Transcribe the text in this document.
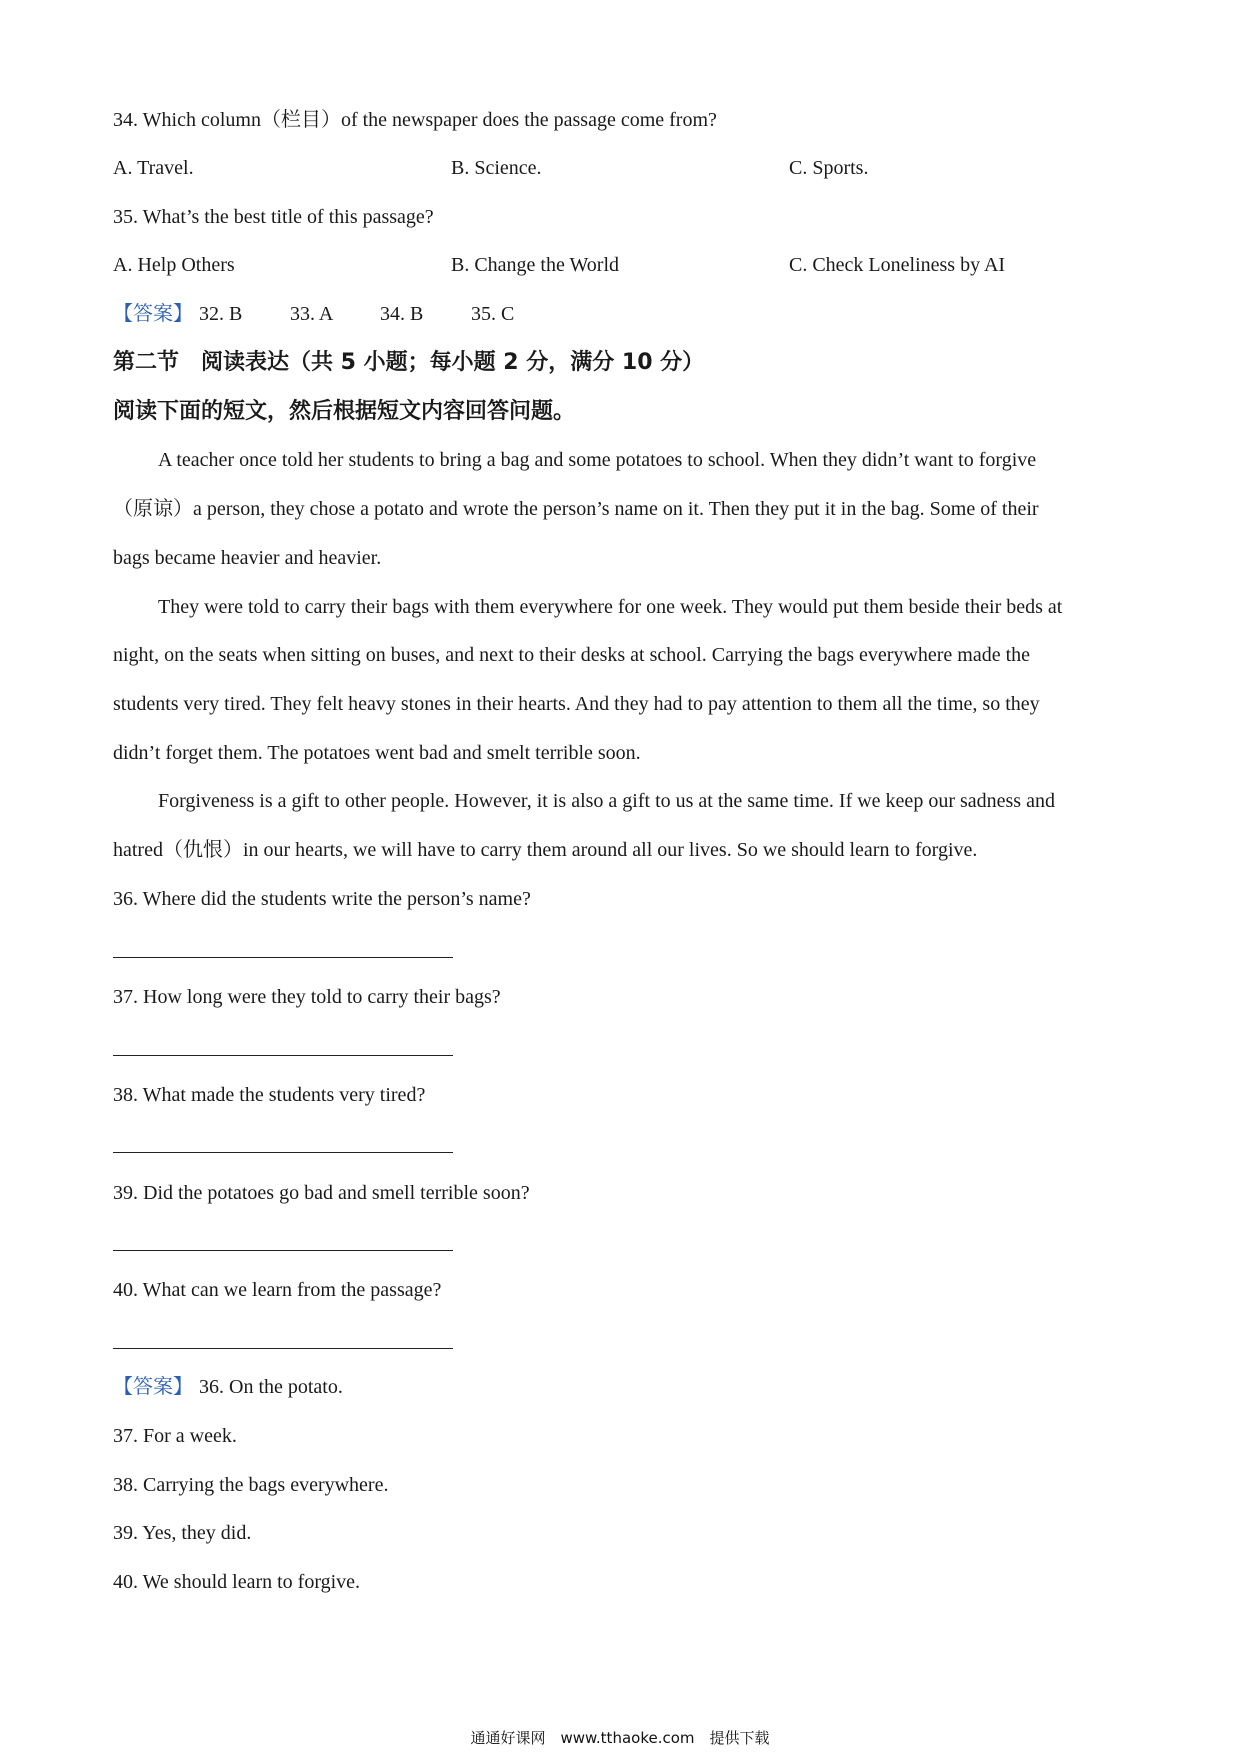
34. Which column（栏目）of the newspaper does the passage come from?
A. Travel.	B. Science.	C. Sports.
35. What’s the best title of this passage?
A. Help Others	B. Change the World	C. Check Loneliness by AI
【答案】 32. B 33. A 34. B 35. C
第二节　阅读表达（共 5 小题；每小题 2 分，满分 10 分）
阅读下面的短文，然后根据短文内容回答问题。
A teacher once told her students to bring a bag and some potatoes to school. When they didn’t want to forgive
（原谅）a person, they chose a potato and wrote the person’s name on it. Then they put it in the bag. Some of their
bags became heavier and heavier.
They were told to carry their bags with them everywhere for one week. They would put them beside their beds at
night, on the seats when sitting on buses, and next to their desks at school. Carrying the bags everywhere made the
students very tired. They felt heavy stones in their hearts. And they had to pay attention to them all the time, so they
didn’t forget them. The potatoes went bad and smelt terrible soon.
Forgiveness is a gift to other people. However, it is also a gift to us at the same time. If we keep our sadness and
hatred（仇恨）in our hearts, we will have to carry them around all our lives. So we should learn to forgive.
36. Where did the students write the person’s name?
37. How long were they told to carry their bags?
38. What made the students very tired?
39. Did the potatoes go bad and smell terrible soon?
40. What can we learn from the passage?
【答案】 36. On the potato.
37. For a week.
38. Carrying the bags everywhere.
39. Yes, they did.
40. We should learn to forgive.
通通好课网　www.tthaoke.com　提供下载
